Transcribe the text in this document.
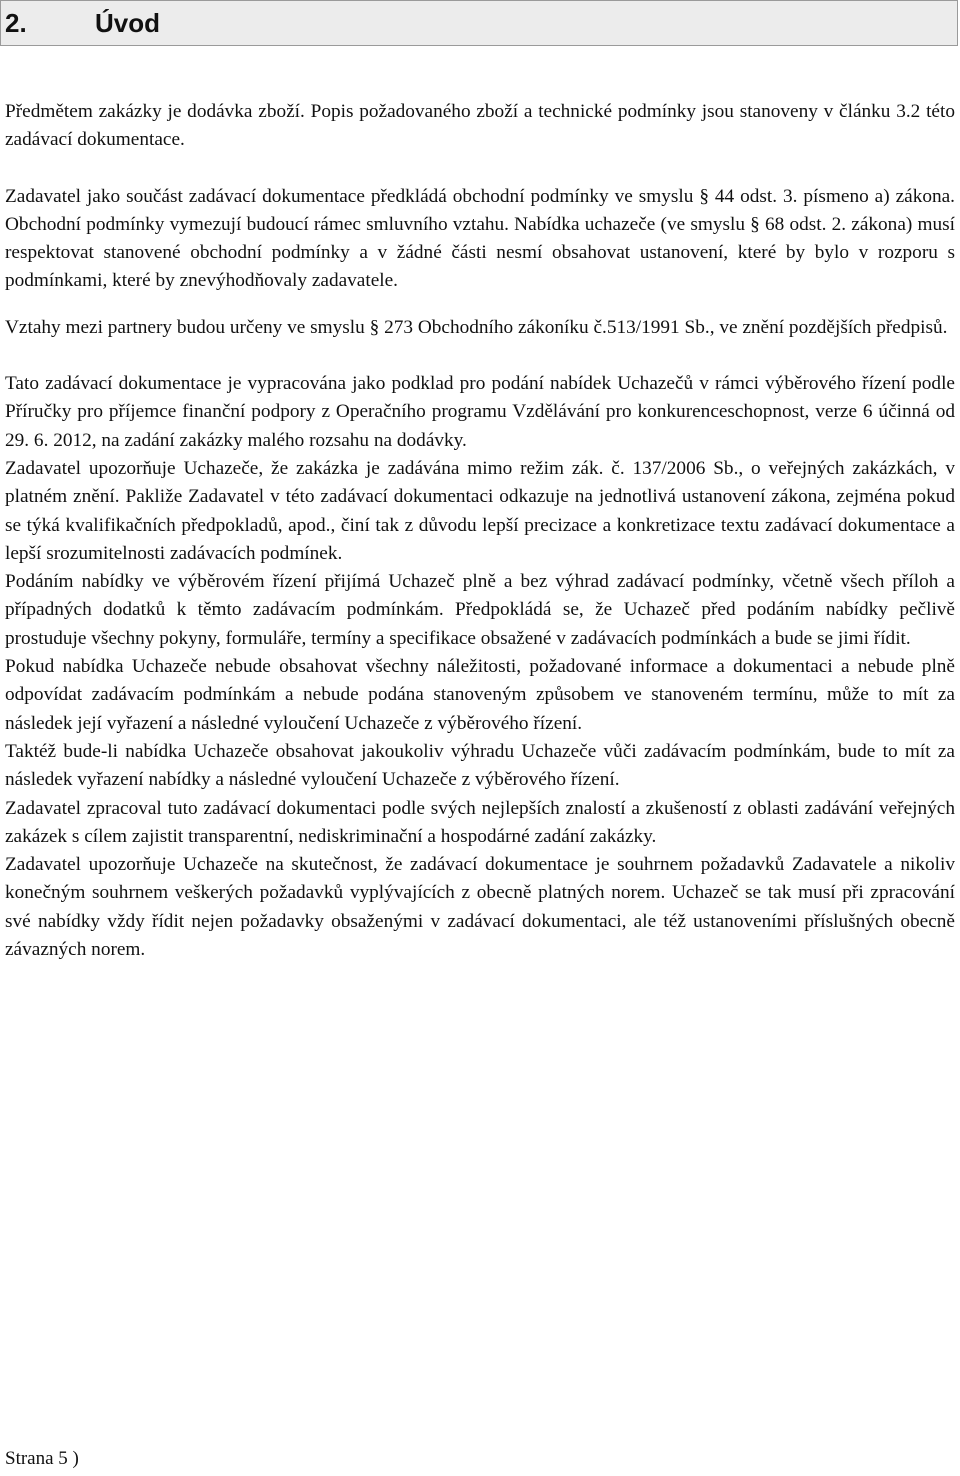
2.	Úvod

Předmětem zakázky je dodávka zboží. Popis požadovaného zboží a technické podmínky jsou stanoveny v článku 3.2 této zadávací dokumentace.

Zadavatel jako součást zadávací dokumentace předkládá obchodní podmínky ve smyslu § 44 odst. 3. písmeno a) zákona. Obchodní podmínky vymezují budoucí rámec smluvního vztahu. Nabídka uchazeče (ve smyslu § 68 odst. 2. zákona) musí respektovat stanovené obchodní podmínky a v žádné části nesmí obsahovat ustanovení, které by bylo v rozporu s podmínkami, které by znevýhodňovaly zadavatele.

Vztahy mezi partnery budou určeny ve smyslu § 273 Obchodního zákoníku č.513/1991 Sb., ve znění pozdějších předpisů.

Tato zadávací dokumentace je vypracována jako podklad pro podání nabídek Uchazečů v rámci výběrového řízení podle Příručky pro příjemce finanční podpory z Operačního programu Vzdělávání pro konkurenceschopnost, verze 6 účinná od 29. 6. 2012, na zadání zakázky malého rozsahu na dodávky.

Zadavatel upozorňuje Uchazeče, že zakázka je zadávána mimo režim zák. č. 137/2006 Sb., o veřejných zakázkách, v platném znění. Pakliže Zadavatel v této zadávací dokumentaci odkazuje na jednotlivá ustanovení zákona, zejména pokud se týká kvalifikačních předpokladů, apod., činí tak z důvodu lepší precizace a konkretizace textu zadávací dokumentace a lepší srozumitelnosti zadávacích podmínek.

Podáním nabídky ve výběrovém řízení přijímá Uchazeč plně a bez výhrad zadávací podmínky, včetně všech příloh a případných dodatků k těmto zadávacím podmínkám. Předpokládá se, že Uchazeč před podáním nabídky pečlivě prostuduje všechny pokyny, formuláře, termíny a specifikace obsažené v zadávacích podmínkách a bude se jimi řídit.

Pokud nabídka Uchazeče nebude obsahovat všechny náležitosti, požadované informace a dokumentaci a nebude plně odpovídat zadávacím podmínkám a nebude podána stanoveným způsobem ve stanoveném termínu, může to mít za následek její vyřazení a následné vyloučení Uchazeče z výběrového řízení.

Taktéž bude-li nabídka Uchazeče obsahovat jakoukoliv výhradu Uchazeče vůči zadávacím podmínkám, bude to mít za následek vyřazení nabídky a následné vyloučení Uchazeče z výběrového řízení.

Zadavatel zpracoval tuto zadávací dokumentaci podle svých nejlepších znalostí a zkušeností z oblasti zadávání veřejných zakázek s cílem zajistit transparentní, nediskriminační a hospodárné zadání zakázky.

Zadavatel upozorňuje Uchazeče na skutečnost, že zadávací dokumentace je souhrnem požadavků Zadavatele a nikoliv konečným souhrnem veškerých požadavků vyplývajících z obecně platných norem. Uchazeč se tak musí při zpracování své nabídky vždy řídit nejen požadavky obsaženými v zadávací dokumentaci, ale též ustanoveními příslušných obecně závazných norem.

Strana 5 )
